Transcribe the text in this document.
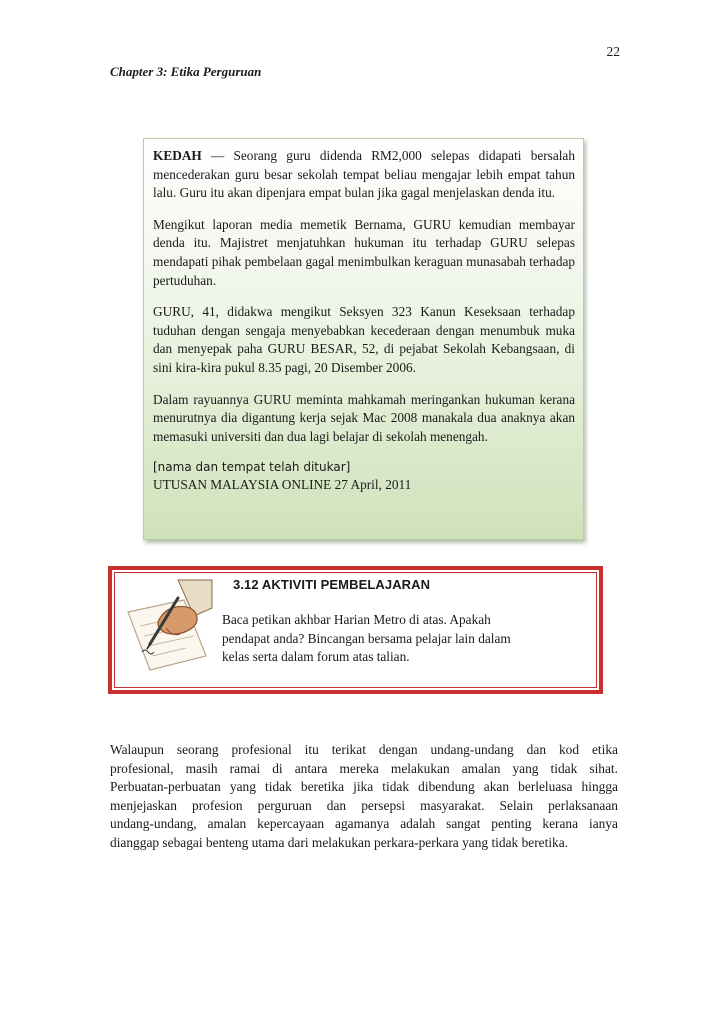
22
Chapter 3: Etika Perguruan

KEDAH — Seorang guru didenda RM2,000 selepas didapati bersalah mencederakan guru besar sekolah tempat beliau mengajar lebih empat tahun lalu. Guru itu akan dipenjara empat bulan jika gagal menjelaskan denda itu.

Mengikut laporan media memetik Bernama, GURU kemudian membayar denda itu. Majistret menjatuhkan hukuman itu terhadap GURU selepas mendapati pihak pembelaan gagal menimbulkan keraguan munasabah terhadap pertuduhan.

GURU, 41, didakwa mengikut Seksyen 323 Kanun Keseksaan terhadap tuduhan dengan sengaja menyebabkan kecederaan dengan menumbuk muka dan menyepak paha GURU BESAR, 52, di pejabat Sekolah Kebangsaan, di sini kira-kira pukul 8.35 pagi, 20 Disember 2006.

Dalam rayuannya GURU meminta mahkamah meringankan hukuman kerana menurutnya dia digantung kerja sejak Mac 2008 manakala dua anaknya akan memasuki universiti dan dua lagi belajar di sekolah menengah.

[nama dan tempat telah ditukar]
UTUSAN MALAYSIA ONLINE 27 April, 2011
3.12 AKTIVITI PEMBELAJARAN
Baca petikan akhbar Harian Metro di atas. Apakah
pendapat anda? Bincangan bersama pelajar lain dalam
kelas serta dalam forum atas talian.
Walaupun seorang profesional itu terikat dengan undang-undang dan kod etika
profesional, masih ramai di antara mereka melakukan amalan yang tidak sihat.
Perbuatan-perbuatan yang tidak beretika jika tidak dibendung akan berleluasa hingga
menjejaskan profesion perguruan dan persepsi masyarakat. Selain perlaksanaan
undang-undang, amalan kepercayaan agamanya adalah sangat penting kerana ianya
dianggap sebagai benteng utama dari melakukan perkara-perkara yang tidak beretika.
